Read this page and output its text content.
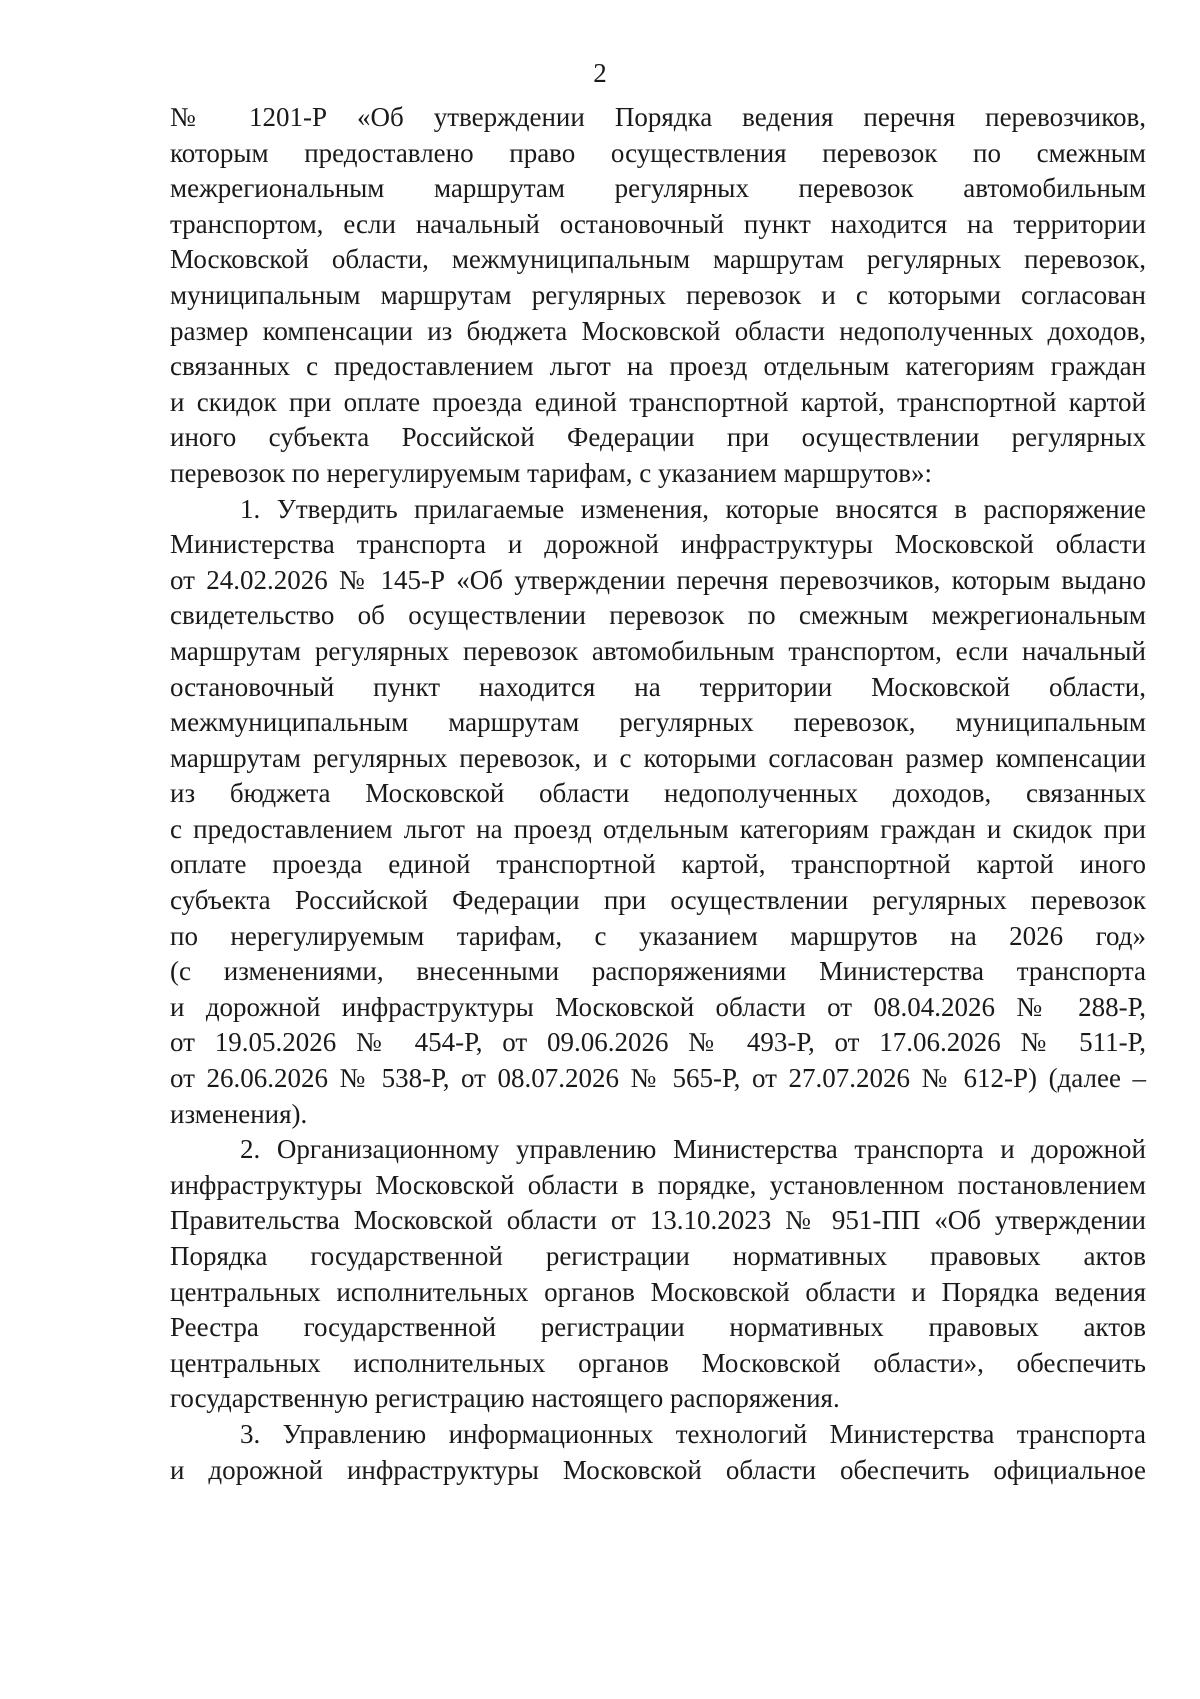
2
№ 1201-Р «Об утверждении Порядка ведения перечня перевозчиков,
которым предоставлено право осуществления перевозок по смежным
межрегиональным маршрутам регулярных перевозок автомобильным
транспортом, если начальный остановочный пункт находится на территории
Московской области, межмуниципальным маршрутам регулярных перевозок,
муниципальным маршрутам регулярных перевозок и с которыми согласован
размер компенсации из бюджета Московской области недополученных доходов,
связанных с предоставлением льгот на проезд отдельным категориям граждан
и скидок при оплате проезда единой транспортной картой, транспортной картой
иного субъекта Российской Федерации при осуществлении регулярных
перевозок по нерегулируемым тарифам, с указанием маршрутов»:
1. Утвердить прилагаемые изменения, которые вносятся в распоряжение
Министерства транспорта и дорожной инфраструктуры Московской области
от 24.02.2026 № 145-Р «Об утверждении перечня перевозчиков, которым выдано
свидетельство об осуществлении перевозок по смежным межрегиональным
маршрутам регулярных перевозок автомобильным транспортом, если начальный
остановочный пункт находится на территории Московской области,
межмуниципальным маршрутам регулярных перевозок, муниципальным
маршрутам регулярных перевозок, и с которыми согласован размер компенсации
из бюджета Московской области недополученных доходов, связанных
с предоставлением льгот на проезд отдельным категориям граждан и скидок при
оплате проезда единой транспортной картой, транспортной картой иного
субъекта Российской Федерации при осуществлении регулярных перевозок
по нерегулируемым тарифам, с указанием маршрутов на 2026 год»
(с изменениями, внесенными распоряжениями Министерства транспорта
и дорожной инфраструктуры Московской области от 08.04.2026 № 288-Р,
от 19.05.2026 № 454-Р, от 09.06.2026 № 493-Р, от 17.06.2026 № 511-Р,
от 26.06.2026 № 538-Р, от 08.07.2026 № 565-Р, от 27.07.2026 № 612-Р) (далее –
изменения).
2. Организационному управлению Министерства транспорта и дорожной
инфраструктуры Московской области в порядке, установленном постановлением
Правительства Московской области от 13.10.2023 № 951-ПП «Об утверждении
Порядка государственной регистрации нормативных правовых актов
центральных исполнительных органов Московской области и Порядка ведения
Реестра государственной регистрации нормативных правовых актов
центральных исполнительных органов Московской области», обеспечить
государственную регистрацию настоящего распоряжения.
3. Управлению информационных технологий Министерства транспорта
и дорожной инфраструктуры Московской области обеспечить официальное
